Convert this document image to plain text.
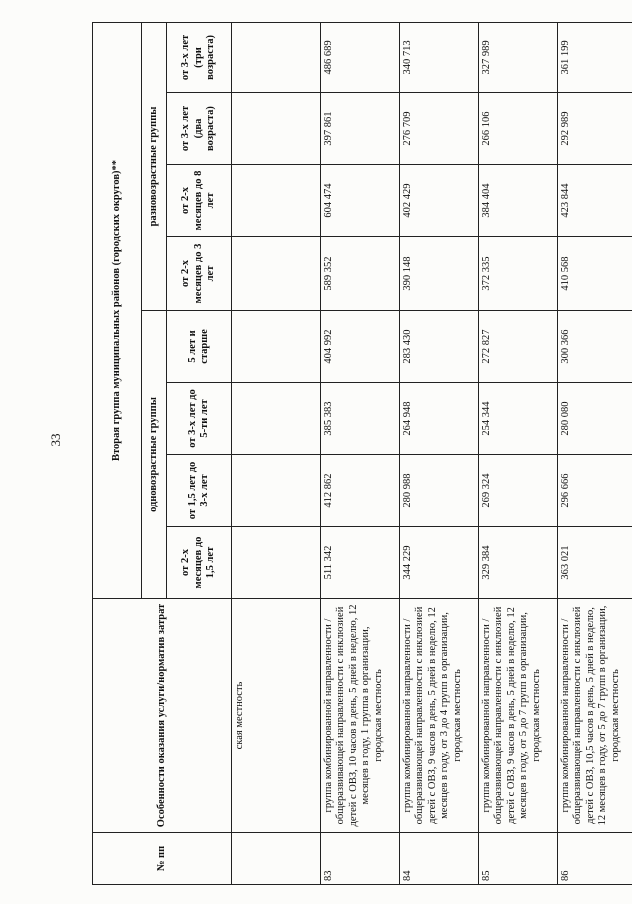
33
№ пп	Особенности оказания услуги/норматив затрат	Вторая группа муниципальных районов (городских округов)**							
		одновозрастные группы				разновозрастные группы			
		от 2-х месяцев до 1,5 лет	от 1,5 лет до 3-х лет	от 3-х лет до 5-ти лет	5 лет и старше	от 2-х месяцев до 3 лет	от 2-х месяцев до 8 лет	от 3-х лет (два возраста)	от 3-х лет (три возраста)
	ская местность								
83	группа комбинированной направленности / общеразвивающей направленности с инклюзией детей с ОВЗ, 10 часов в день, 5 дней в неделю, 12 месяцев в году, 1 группа в организации, городская местность	511 342	412 862	385 383	404 992	589 352	604 474	397 861	486 689
84	группа комбинированной направленности / общеразвивающей направленности с инклюзией детей с ОВЗ, 9 часов в день, 5 дней в неделю, 12 месяцев в году, от 3 до 4 групп в организации, городская местность	344 229	280 988	264 948	283 430	390 148	402 429	276 709	340 713
85	группа комбинированной направленности / общеразвивающей направленности с инклюзией детей с ОВЗ, 9 часов в день, 5 дней в неделю, 12 месяцев в году, от 5 до 7 групп в организации, городская местность	329 384	269 324	254 344	272 827	372 335	384 404	266 106	327 989
86	группа комбинированной направленности / общеразвивающей направленности с инклюзией детей с ОВЗ, 10,5 часов в день, 5 дней в неделю, 12 месяцев в году, от 5 до 7 групп в организации, городская местность	363 021	296 666	280 080	300 366	410 568	423 844	292 989	361 199
